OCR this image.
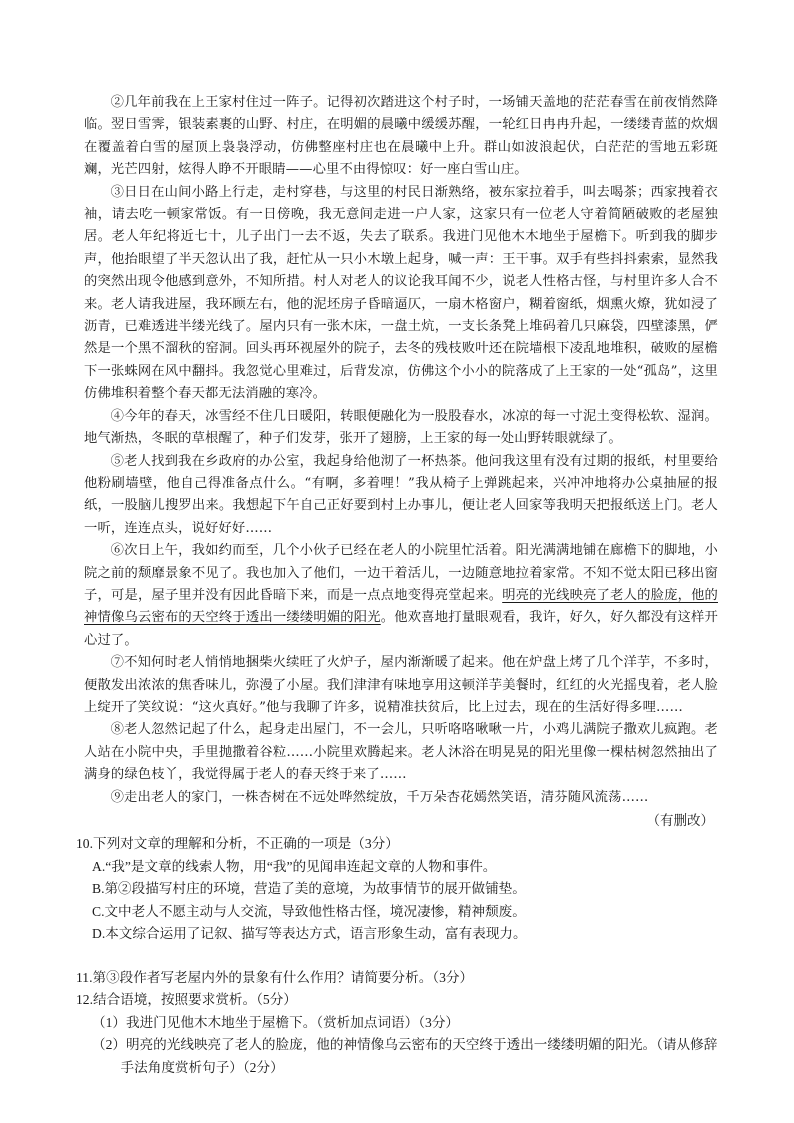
②几年前我在上王家村住过一阵子。记得初次踏进这个村子时，一场铺天盖地的茫茫春雪在前夜悄然降临。翌日雪霁，银装素裹的山野、村庄，在明媚的晨曦中缓缓苏醒，一轮红日冉冉升起，一缕缕青蓝的炊烟在覆盖着白雪的屋顶上袅袅浮动，仿佛整座村庄也在晨曦中上升。群山如波浪起伏，白茫茫的雪地五彩斑斓，光芒四射，炫得人睁不开眼睛——心里不由得惊叹：好一座白雪山庄。

③日日在山间小路上行走，走村穿巷，与这里的村民日渐熟络，被东家拉着手，叫去喝茶；西家拽着衣袖，请去吃一顿家常饭。有一日傍晚，我无意间走进一户人家，这家只有一位老人守着简陋破败的老屋独居。老人年纪将近七十，儿子出门一去不返，失去了联系。我进门见他木木地坐于屋檐下。听到我的脚步声，他抬眼望了半天忽认出了我，赶忙从一只小木墩上起身，喊一声：王干事。双手有些抖抖索索，显然我的突然出现令他感到意外，不知所措。村人对老人的议论我耳闻不少，说老人性格古怪，与村里许多人合不来。老人请我进屋，我环顾左右，他的泥坯房子昏暗逼仄，一扇木格窗户，糊着窗纸，烟熏火燎，犹如浸了沥青，已难透进半缕光线了。屋内只有一张木床，一盘土炕，一支长条凳上堆码着几只麻袋，四壁漆黑，俨然是一个黑不溜秋的窑洞。回头再环视屋外的院子，去冬的残枝败叶还在院墙根下凌乱地堆积，破败的屋檐下一张蛛网在风中翻抖。我忽觉心里难过，后背发凉，仿佛这个小小的院落成了上王家的一处“孤岛”，这里仿佛堆积着整个春天都无法消融的寒冷。

④今年的春天，冰雪经不住几日暖阳，转眼便融化为一股股春水，冰凉的每一寸泥土变得松软、湿润。地气渐热，冬眠的草根醒了，种子们发芽，张开了翅膀，上王家的每一处山野转眼就绿了。

⑤老人找到我在乡政府的办公室，我起身给他沏了一杯热茶。他问我这里有没有过期的报纸，村里要给他粉刷墙壁，他自己得准备点什么。“有啊，多着哩！”我从椅子上弹跳起来，兴冲冲地将办公桌抽屉的报纸，一股脑儿搜罗出来。我想起下午自己正好要到村上办事儿，便让老人回家等我明天把报纸送上门。老人一听，连连点头，说好好好……

⑥次日上午，我如约而至，几个小伙子已经在老人的小院里忙活着。阳光满满地铺在廊檐下的脚地，小院之前的颓靡景象不见了。我也加入了他们，一边干着活儿，一边随意地拉着家常。不知不觉太阳已移出窗子，可是，屋子里并没有因此昏暗下来，而是一点点地变得亮堂起来。明亮的光线映亮了老人的脸庞，他的神情像乌云密布的天空终于透出一缕缕明媚的阳光。他欢喜地打量眼观看，我许，好久，好久都没有这样开心过了。

⑦不知何时老人悄悄地捆柴火续旺了火炉子，屋内渐渐暖了起来。他在炉盘上烤了几个洋芋，不多时，便散发出浓浓的焦香味儿，弥漫了小屋。我们津津有味地享用这顿洋芋美餐时，红红的火光摇曳着，老人脸上绽开了笑纹说：“这火真好。”他与我聊了许多，说精准扶贫后，比上过去，现在的生活好得多哩……

⑧老人忽然记起了什么，起身走出屋门，不一会儿，只听咯咯啾啾一片，小鸡儿满院子撒欢儿疯跑。老人站在小院中央，手里抛撒着谷粒……小院里欢腾起来。老人沐浴在明晃晃的阳光里像一棵枯树忽然抽出了满身的绿色枝丫，我觉得属于老人的春天终于来了……

⑨走出老人的家门，一株杏树在不远处哗然绽放，千万朵杏花嫣然笑语，清芬随风流荡……

（有删改）

10.下列对文章的理解和分析，不正确的一项是（3分）

A.“我”是文章的线索人物，用“我”的见闻串连起文章的人物和事件。

B.第②段描写村庄的环境，营造了美的意境，为故事情节的展开做铺垫。

C.文中老人不愿主动与人交流，导致他性格古怪，境况凄惨，精神颓废。

D.本文综合运用了记叙、描写等表达方式，语言形象生动，富有表现力。

11.第③段作者写老屋内外的景象有什么作用？请简要分析。（3分）

12.结合语境，按照要求赏析。（5分）

（1）我进门见他木木地坐于屋檐下。（赏析加点词语）（3分）

（2）明亮的光线映亮了老人的脸庞，他的神情像乌云密布的天空终于透出一缕缕明媚的阳光。（请从修辞手法角度赏析句子）（2分）
